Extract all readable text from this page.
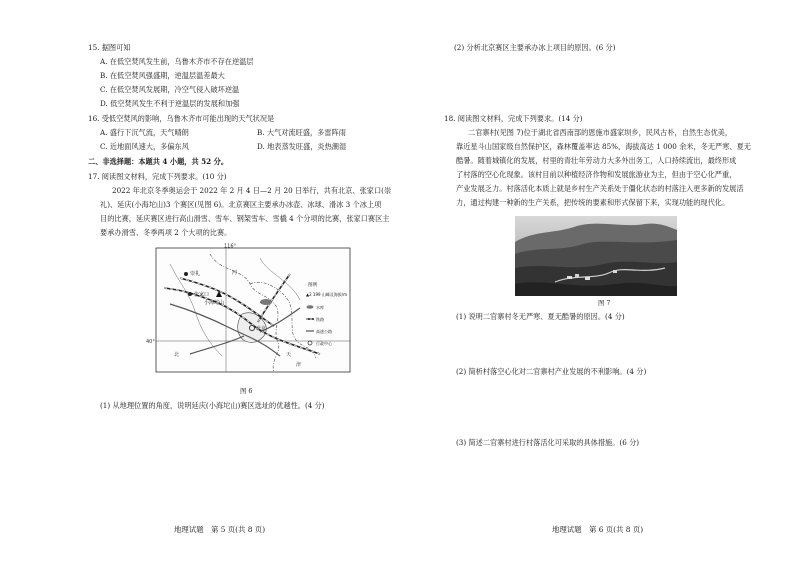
15. 据图可知
A. 在低空焚风发生前，乌鲁木齐市不存在逆温层
B. 在低空焚风强盛期，逆温层温差最大
C. 在低空焚风发展期，冷空气侵入破坏逆温
D. 低空焚风发生不利于逆温层的发展和加强
16. 受低空焚风的影响，乌鲁木齐市可能出现的天气状况是
A. 盛行下沉气流，天气晴朗	B. 大气对流旺盛，多雷阵雨
C. 近地面风速大，多偏东风	D. 地表蒸发旺盛，炎热潮湿
二、非选择题：本题共 4 小题，共 52 分。
17. 阅读图文材料，完成下列要求。(10 分)
2022 年北京冬季奥运会于 2022 年 2 月 4 日—2 月 20 日举行，共有北京、张家口(崇
礼)、延庆(小海坨山)3 个赛区(见图 6)。北京赛区主要承办冰壶、冰球、滑冰 3 个冰上项
目的比赛，延庆赛区进行高山滑雪、雪车、钢架雪车、雪橇 4 个分项的比赛，张家口赛区主
要承办滑雪、冬季两项 2 个大项的比赛。
116°
40°
崇礼
张家口
小海坨山
北京
河
北	天
津
图例
▲2 199 山峰及海拔/m
水库
铁路
高速公路
行政中心
图 6
(1) 从地理位置的角度，说明延庆(小海坨山)赛区选址的优越性。(4 分)
地理试题　第 5 页(共 8 页)
(2) 分析北京赛区主要承办冰上项目的原因。(6 分)
18. 阅读图文材料，完成下列要求。(14 分)
二官寨村(见图 7)位于湖北省西南部的恩施市盛家坝乡，民风古朴，自然生态优美，
靠近星斗山国家级自然保护区，森林覆盖率达 85%，海拔高达 1 000 余米，冬无严寒、夏无
酷暑。随着城镇化的发展，村里的青壮年劳动力大多外出务工，人口持续流出，最终形成
了村落的空心化现象。该村目前以种植经济作物和发展旅游业为主，但由于空心化严重，
产业发展乏力。村落活化本质上就是乡村生产关系处于僵化状态的村落注入更多新的发展活
力，通过构建一种新的生产关系，把传统的要素和形式保留下来，实现功能的现代化。
图 7
(1) 说明二官寨村冬无严寒、夏无酷暑的原因。(4 分)
(2) 简析村落空心化对二官寨村产业发展的不利影响。(4 分)
(3) 简述二官寨村进行村落活化可采取的具体措施。(6 分)
地理试题　第 6 页(共 8 页)
